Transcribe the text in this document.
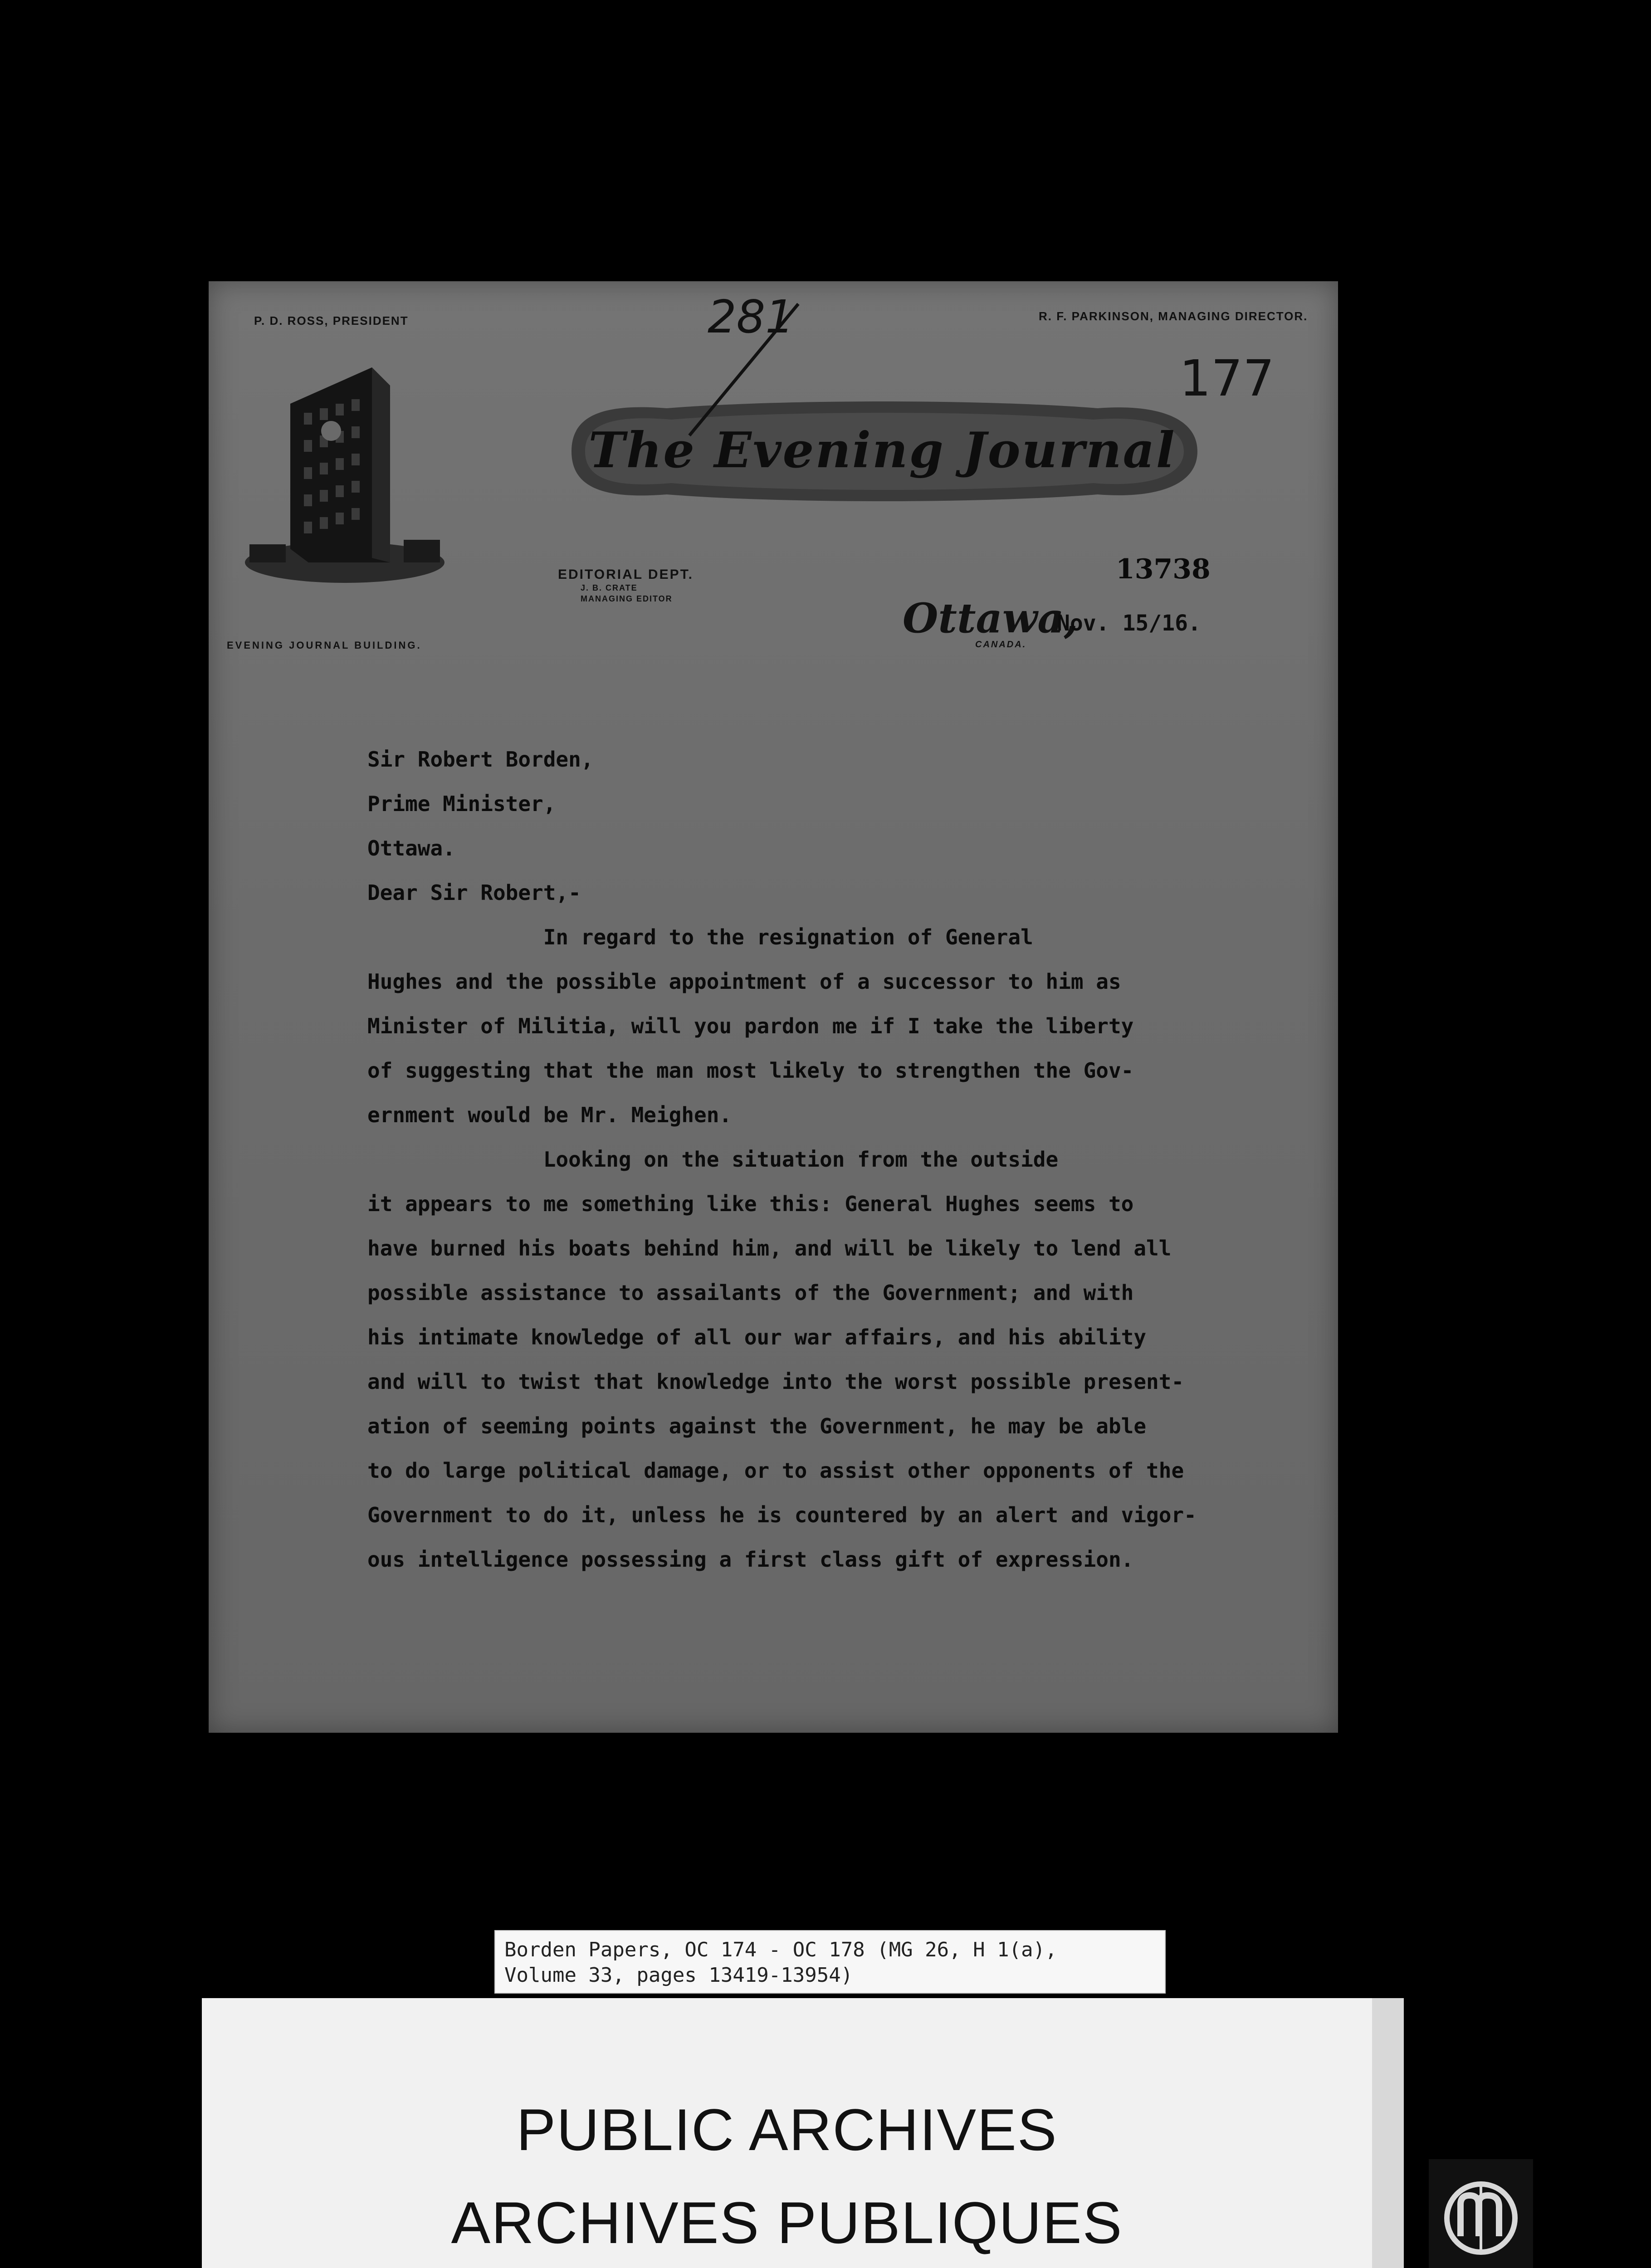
P. D. ROSS, PRESIDENT	R. F. PARKINSON, MANAGING DIRECTOR.
EVENING JOURNAL BUILDING.
The Evening Journal
EDITORIAL DEPT.
J. B. CRATE
MANAGING EDITOR
281
177
13738
Ottawa,
CANADA.
Nov. 15/16.
Sir Robert Borden,
Prime Minister,
Ottawa.
Dear Sir Robert,-
In regard to the resignation of General
Hughes and the possible appointment of a successor to him as
Minister of Militia, will you pardon me if I take the liberty
of suggesting that the man most likely to strengthen the Gov-
ernment would be Mr. Meighen.
Looking on the situation from the outside
it appears to me something like this: General Hughes seems to
have burned his boats behind him, and will be likely to lend all
possible assistance to assailants of the Government; and with
his intimate knowledge of all our war affairs, and his ability
and will to twist that knowledge into the worst possible present-
ation of seeming points against the Government, he may be able
to do large political damage, or to assist other opponents of the
Government to do it, unless he is countered by an alert and vigor-
ous intelligence possessing a first class gift of expression.
Borden Papers, OC 174 - OC 178 (MG 26, H 1(a),
Volume 33, pages 13419-13954)
PUBLIC ARCHIVES
ARCHIVES PUBLIQUES
